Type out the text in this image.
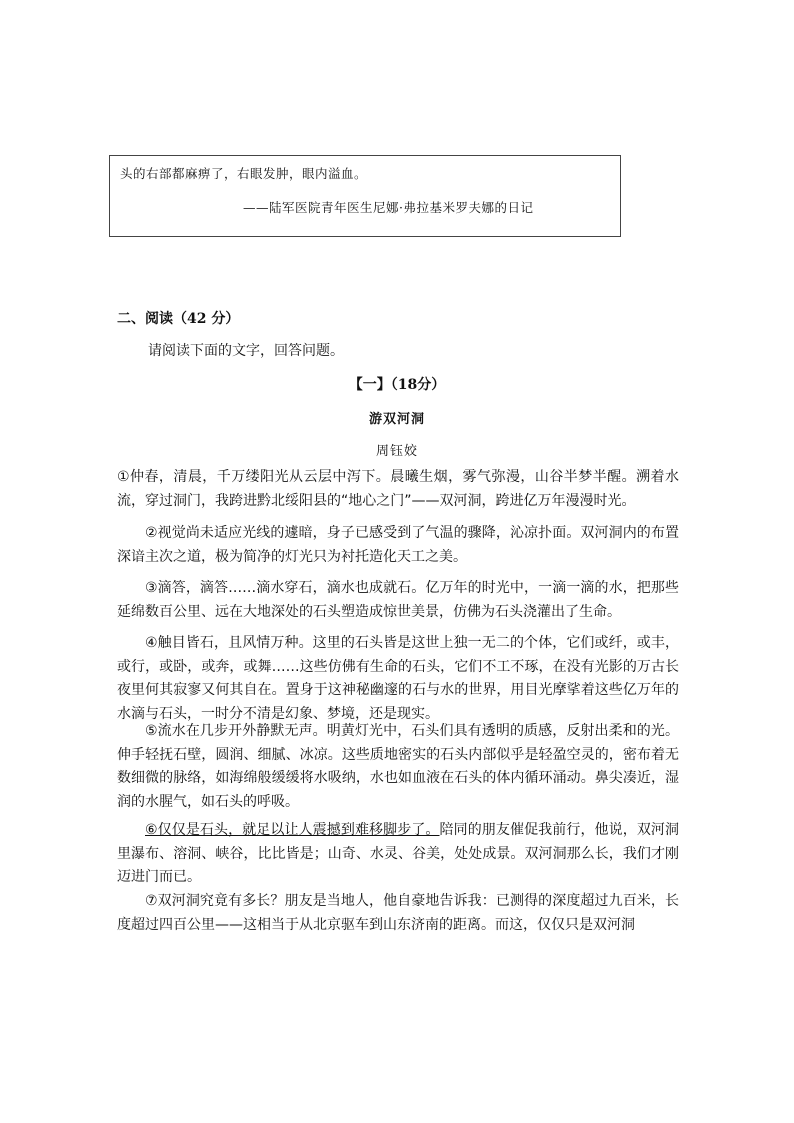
头的右部都麻痹了，右眼发肿，眼内溢血。
——陆军医院青年医生尼娜·弗拉基米罗夫娜的日记
二、阅读（42 分）
请阅读下面的文字，回答问题。
【一】（18分）
游双河洞
周钰姣

①仲春，清晨，千万缕阳光从云层中泻下。晨曦生烟，雾气弥漫，山谷半梦半醒。溯着水流，穿过洞门，我跨进黔北绥阳县的“地心之门”——双河洞，跨进亿万年漫漫时光。

②视觉尚未适应光线的遽暗，身子已感受到了气温的骤降，沁凉扑面。双河洞内的布置深谙主次之道，极为简净的灯光只为衬托造化天工之美。

③滴答，滴答……滴水穿石，滴水也成就石。亿万年的时光中，一滴一滴的水，把那些延绵数百公里、远在大地深处的石头塑造成惊世美景，仿佛为石头浇灌出了生命。

④触目皆石，且风情万种。这里的石头皆是这世上独一无二的个体，它们或纤，或丰，或行，或卧，或奔，或舞……这些仿佛有生命的石头，它们不工不琢，在没有光影的万古长夜里何其寂寥又何其自在。置身于这神秘幽邃的石与水的世界，用目光摩挲着这些亿万年的水滴与石头，一时分不清是幻象、梦境，还是现实。

⑤流水在几步开外静默无声。明黄灯光中，石头们具有透明的质感，反射出柔和的光。伸手轻抚石壁，圆润、细腻、冰凉。这些质地密实的石头内部似乎是轻盈空灵的，密布着无数细微的脉络，如海绵般缓缓将水吸纳，水也如血液在石头的体内循环涌动。鼻尖凑近，湿润的水腥气，如石头的呼吸。

⑥仅仅是石头，就足以让人震撼到难移脚步了。陪同的朋友催促我前行，他说，双河洞里瀑布、溶洞、峡谷，比比皆是；山奇、水灵、谷美，处处成景。双河洞那么长，我们才刚迈进门而已。

⑦双河洞究竟有多长？朋友是当地人，他自豪地告诉我：已测得的深度超过九百米，长度超过四百公里——这相当于从北京驱车到山东济南的距离。而这，仅仅只是双河洞
